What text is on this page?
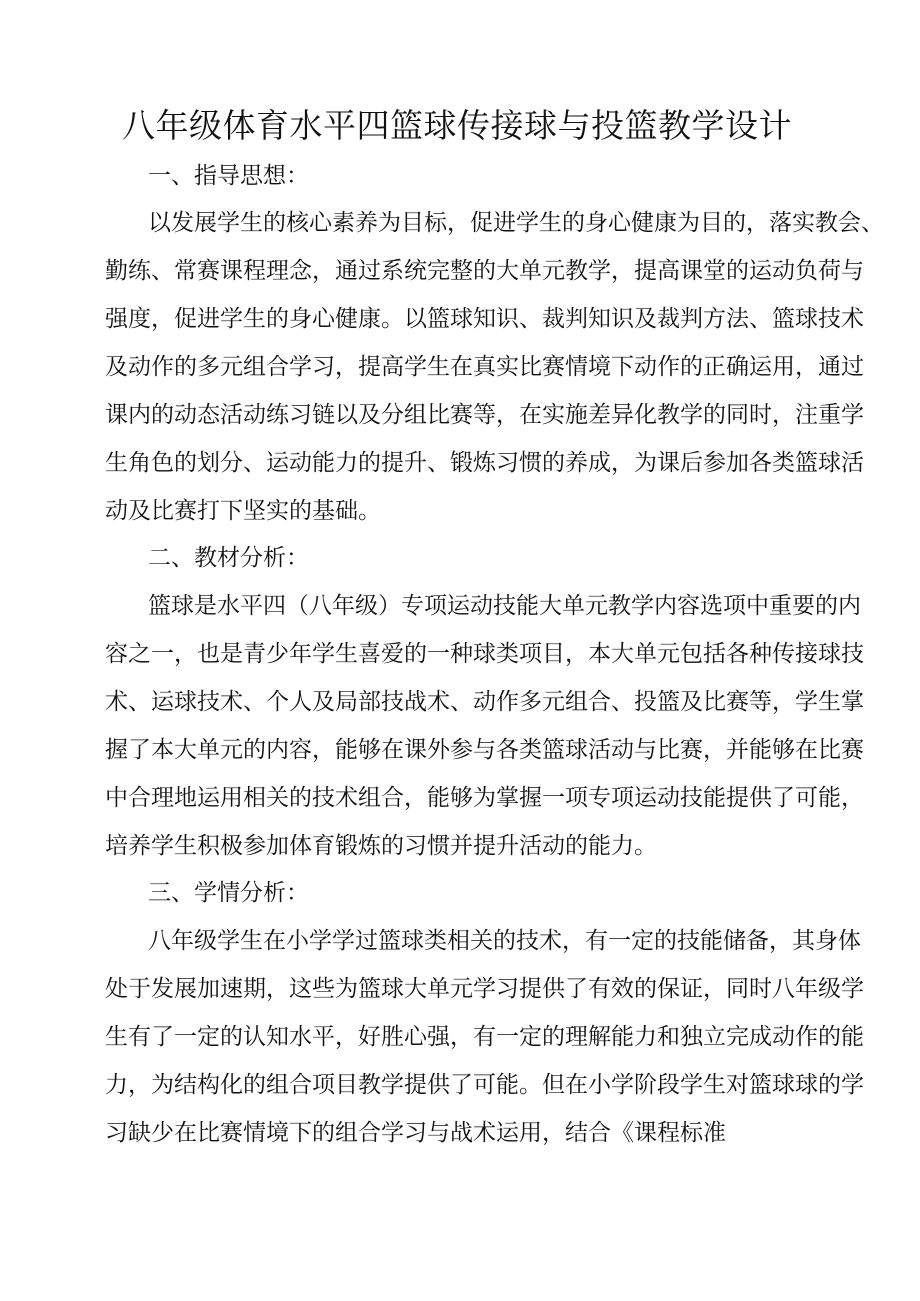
八年级体育水平四篮球传接球与投篮教学设计
一、指导思想：
以发展学生的核心素养为目标，促进学生的身心健康为目的，落实教会、
勤练、常赛课程理念，通过系统完整的大单元教学，提高课堂的运动负荷与
强度，促进学生的身心健康。以篮球知识、裁判知识及裁判方法、篮球技术
及动作的多元组合学习，提高学生在真实比赛情境下动作的正确运用，通过
课内的动态活动练习链以及分组比赛等，在实施差异化教学的同时，注重学
生角色的划分、运动能力的提升、锻炼习惯的养成，为课后参加各类篮球活
动及比赛打下坚实的基础。
二、教材分析：
篮球是水平四（八年级）专项运动技能大单元教学内容选项中重要的内
容之一，也是青少年学生喜爱的一种球类项目，本大单元包括各种传接球技
术、运球技术、个人及局部技战术、动作多元组合、投篮及比赛等，学生掌
握了本大单元的内容，能够在课外参与各类篮球活动与比赛，并能够在比赛
中合理地运用相关的技术组合，能够为掌握一项专项运动技能提供了可能，
培养学生积极参加体育锻炼的习惯并提升活动的能力。
三、学情分析：
八年级学生在小学学过篮球类相关的技术，有一定的技能储备，其身体
处于发展加速期，这些为篮球大单元学习提供了有效的保证，同时八年级学
生有了一定的认知水平，好胜心强，有一定的理解能力和独立完成动作的能
力，为结构化的组合项目教学提供了可能。但在小学阶段学生对篮球球的学
习缺少在比赛情境下的组合学习与战术运用，结合《课程标准
